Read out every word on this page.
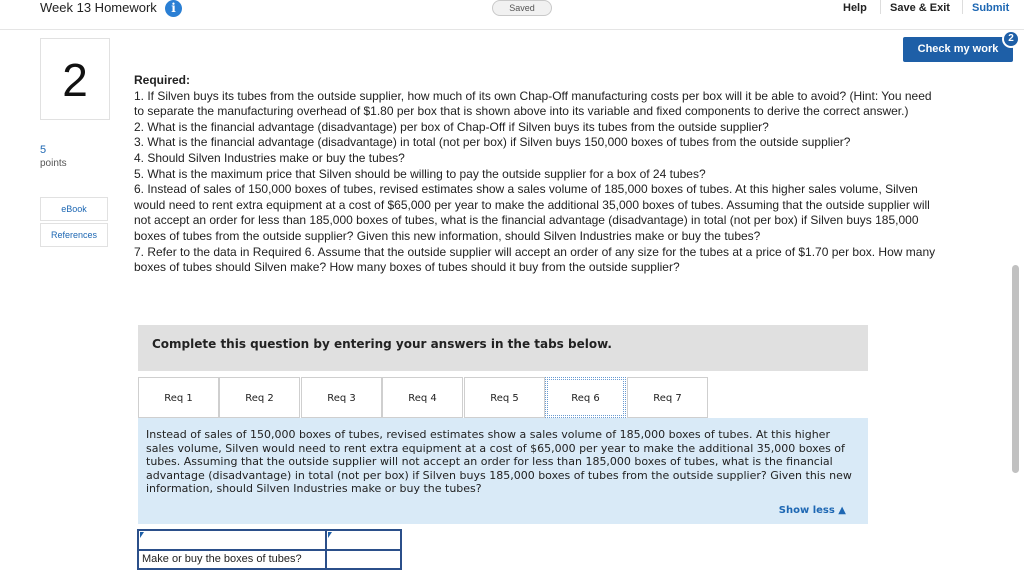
Week 13 Homework	i	Saved	Help Save & Exit Submit
2
5
points
eBook
References
Check my work
2
Required:
1. If Silven buys its tubes from the outside supplier, how much of its own Chap-Off manufacturing costs per box will it be able to avoid? (Hint: You need to separate the manufacturing overhead of $1.80 per box that is shown above into its variable and fixed components to derive the correct answer.)
2. What is the financial advantage (disadvantage) per box of Chap-Off if Silven buys its tubes from the outside supplier?
3. What is the financial advantage (disadvantage) in total (not per box) if Silven buys 150,000 boxes of tubes from the outside supplier?
4. Should Silven Industries make or buy the tubes?
5. What is the maximum price that Silven should be willing to pay the outside supplier for a box of 24 tubes?
6. Instead of sales of 150,000 boxes of tubes, revised estimates show a sales volume of 185,000 boxes of tubes. At this higher sales volume, Silven would need to rent extra equipment at a cost of $65,000 per year to make the additional 35,000 boxes of tubes. Assuming that the outside supplier will not accept an order for less than 185,000 boxes of tubes, what is the financial advantage (disadvantage) in total (not per box) if Silven buys 185,000 boxes of tubes from the outside supplier? Given this new information, should Silven Industries make or buy the tubes?
7. Refer to the data in Required 6. Assume that the outside supplier will accept an order of any size for the tubes at a price of $1.70 per box. How many boxes of tubes should Silven make? How many boxes of tubes should it buy from the outside supplier?
Complete this question by entering your answers in the tabs below.
Req 1	Req 2	Req 3	Req 4	Req 5	Req 6	Req 7
Instead of sales of 150,000 boxes of tubes, revised estimates show a sales volume of 185,000 boxes of tubes. At this higher sales volume, Silven would need to rent extra equipment at a cost of $65,000 per year to make the additional 35,000 boxes of tubes. Assuming that the outside supplier will not accept an order for less than 185,000 boxes of tubes, what is the financial advantage (disadvantage) in total (not per box) if Silven buys 185,000 boxes of tubes from the outside supplier? Given this new information, should Silven Industries make or buy the tubes?
Show less ▲
Make or buy the boxes of tubes?
